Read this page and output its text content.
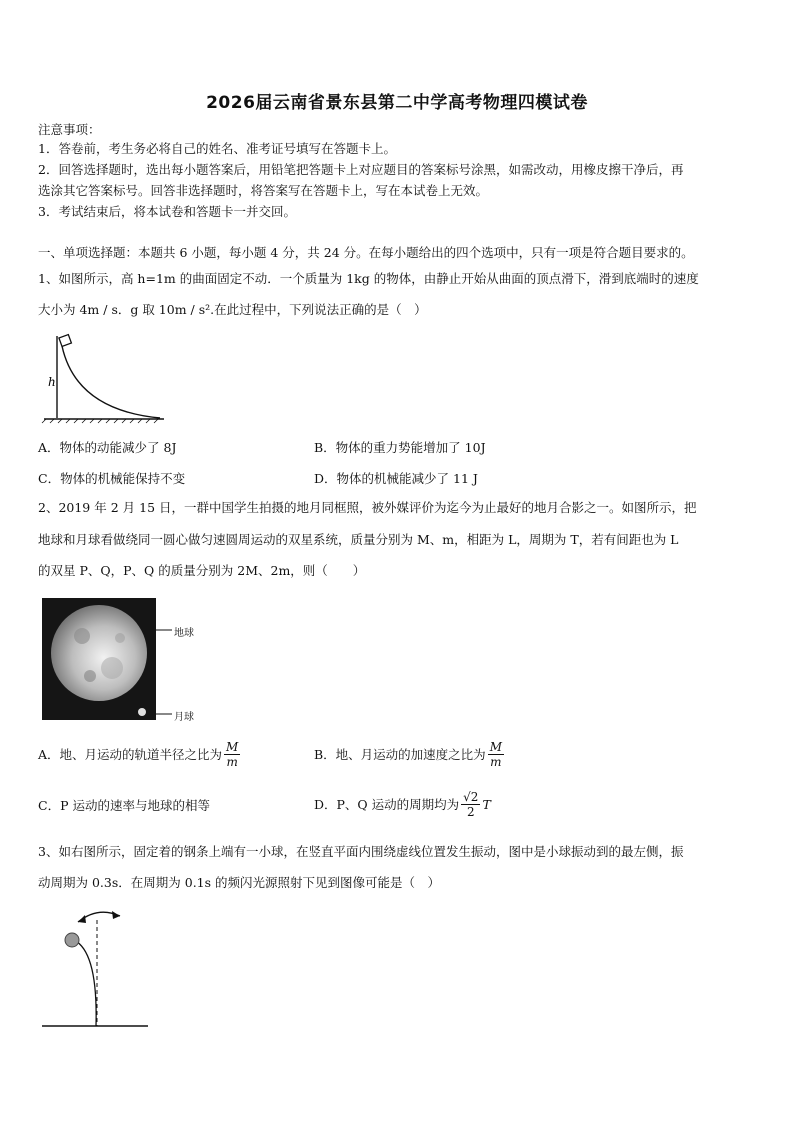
2026届云南省景东县第二中学高考物理四模试卷
注意事项：
1．答卷前，考生务必将自己的姓名、准考证号填写在答题卡上。
2．回答选择题时，选出每小题答案后，用铅笔把答题卡上对应题目的答案标号涂黑，如需改动，用橡皮擦干净后，再
选涂其它答案标号。回答非选择题时，将答案写在答题卡上，写在本试卷上无效。
3．考试结束后，将本试卷和答题卡一并交回。
一、单项选择题：本题共 6 小题，每小题 4 分，共 24 分。在每小题给出的四个选项中，只有一项是符合题目要求的。
1、如图所示，高 h=1m 的曲面固定不动．一个质量为 1kg 的物体，由静止开始从曲面的顶点滑下，滑到底端时的速度
大小为 4m / s．g 取 10m / s².在此过程中，下列说法正确的是（　）
h
A．物体的动能减少了 8J	B．物体的重力势能增加了 10J
C．物体的机械能保持不变	D．物体的机械能减少了 11 J
2、2019 年 2 月 15 日，一群中国学生拍摄的地月同框照，被外媒评价为迄今为止最好的地月合影之一。如图所示，把
地球和月球看做绕同一圆心做匀速圆周运动的双星系统，质量分别为 M、m，相距为 L，周期为 T，若有间距也为 L
的双星 P、Q，P、Q 的质量分别为 2M、2m，则（　　）
地球
月球
A．地、月运动的轨道半径之比为 $\frac{M}{m}$	B．地、月运动的加速度之比为 $\frac{M}{m}$
C．P 运动的速率与地球的相等	D．P、Q 运动的周期均为 $\frac{√2}{2}$ T
3、如右图所示，固定着的钢条上端有一小球，在竖直平面内围绕虚线位置发生振动，图中是小球振动到的最左侧，振
动周期为 0.3s．在周期为 0.1s 的频闪光源照射下见到图像可能是（　）
